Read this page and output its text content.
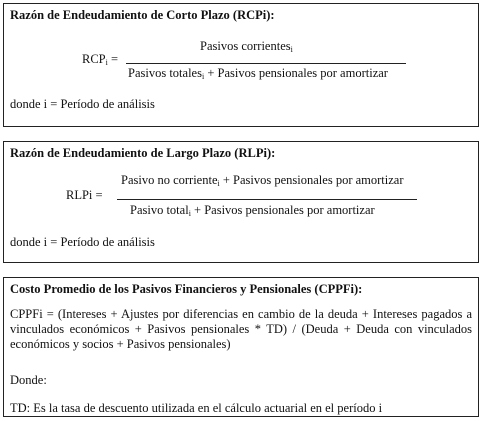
Razón de Endeudamiento de Corto Plazo (RCPi):
$RCP_i$ =
Pasivos corrientes$_i$
Pasivos totales$_i$ + Pasivos pensionales por amortizar
donde i = Período de análisis
Razón de Endeudamiento de Largo Plazo (RLPi):
RLPi =
Pasivo no corriente$_i$ + Pasivos pensionales por amortizar
Pasivo total$_i$ + Pasivos pensionales por amortizar
donde i = Período de análisis
Costo Promedio de los Pasivos Financieros y Pensionales (CPPFi):
CPPFi = (Intereses + Ajustes por diferencias en cambio de la deuda + Intereses pagados a vinculados económicos + Pasivos pensionales * TD) / (Deuda + Deuda con vinculados económicos y socios + Pasivos pensionales)
Donde:
TD: Es la tasa de descuento utilizada en el cálculo actuarial en el período i
